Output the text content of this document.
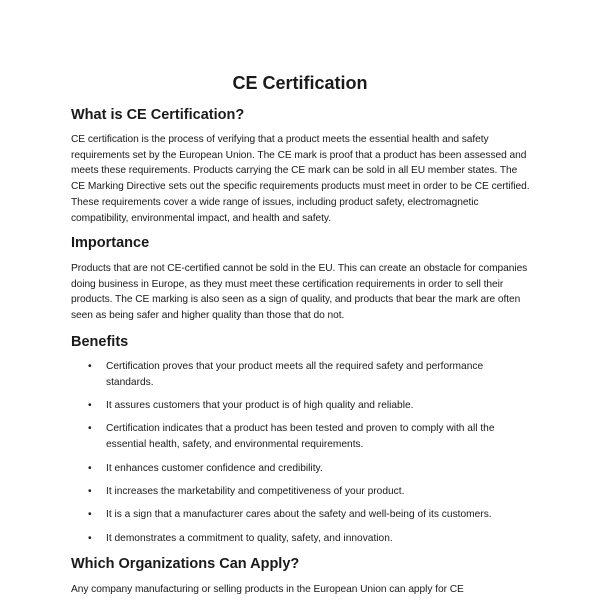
CE Certification
What is CE Certification?

CE certification is the process of verifying that a product meets the essential health and safety requirements set by the European Union. The CE mark is proof that a product has been assessed and meets these requirements. Products carrying the CE mark can be sold in all EU member states. The CE Marking Directive sets out the specific requirements products must meet in order to be CE certified. These requirements cover a wide range of issues, including product safety, electromagnetic compatibility, environmental impact, and health and safety.

Importance

Products that are not CE-certified cannot be sold in the EU. This can create an obstacle for companies doing business in Europe, as they must meet these certification requirements in order to sell their products. The CE marking is also seen as a sign of quality, and products that bear the mark are often seen as being safer and higher quality than those that do not.

Benefits
• Certification proves that your product meets all the required safety and performance standards.
• It assures customers that your product is of high quality and reliable.
• Certification indicates that a product has been tested and proven to comply with all the essential health, safety, and environmental requirements.
• It enhances customer confidence and credibility.
• It increases the marketability and competitiveness of your product.
• It is a sign that a manufacturer cares about the safety and well-being of its customers.
• It demonstrates a commitment to quality, safety, and innovation.
Which Organizations Can Apply?

Any company manufacturing or selling products in the European Union can apply for CE
